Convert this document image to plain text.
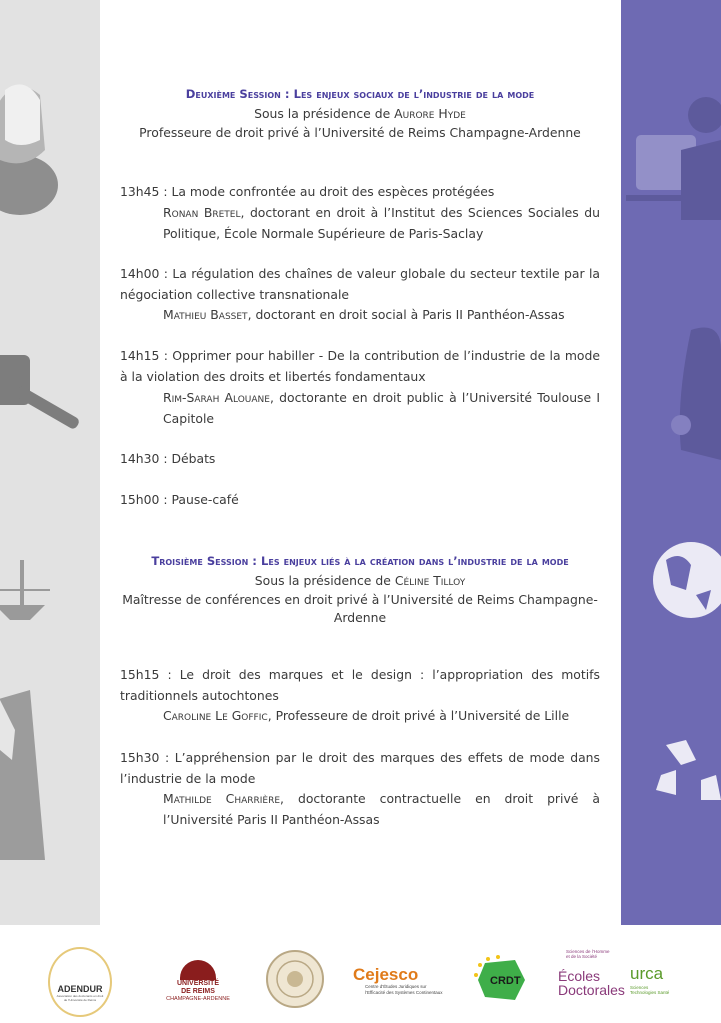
Deuxième Session : Les enjeux sociaux de l’industrie de la mode
Sous la présidence de Aurore Hyde
Professeure de droit privé à l’Université de Reims Champagne-Ardenne
13h45 : La mode confrontée au droit des espèces protégées
Ronan Bretel, doctorant en droit à l’Institut des Sciences Sociales du Politique, École Normale Supérieure de Paris-Saclay
14h00 : La régulation des chaînes de valeur globale du secteur textile par la négociation collective transnationale
Mathieu Basset, doctorant en droit social à Paris II Panthéon-Assas
14h15 : Opprimer pour habiller - De la contribution de l’industrie de la mode à la violation des droits et libertés fondamentaux
Rim-Sarah Alouane, doctorante en droit public à l’Université Toulouse I Capitole
14h30 : Débats
15h00 : Pause-café
Troisième Session : Les enjeux liés à la création dans l’industrie de la mode
Sous la présidence de Céline Tilloy
Maîtresse de conférences en droit privé à l’Université de Reims Champagne-Ardenne
15h15 : Le droit des marques et le design : l’appropriation des motifs traditionnels autochtones
Caroline Le Goffic, Professeure de droit privé à l’Université de Lille
15h30 : L’appréhension par le droit des marques des effets de mode dans l’industrie de la mode
Mathilde Charrière, doctorante contractuelle en droit privé à l’Université Paris II Panthéon-Assas
ADENDUR
Association des doctorants en droit de l’Université de Reims
UNIVERSITÉ
DE REIMS
CHAMPAGNE-ARDENNE
Cejesco
Centre d’Études Juridiques sur l’Efficacité des Systèmes Continentaux
CRDT
Sciences de l’Homme et de la Société
Écoles
Doctorales
urca
Sciences Technologies Santé
